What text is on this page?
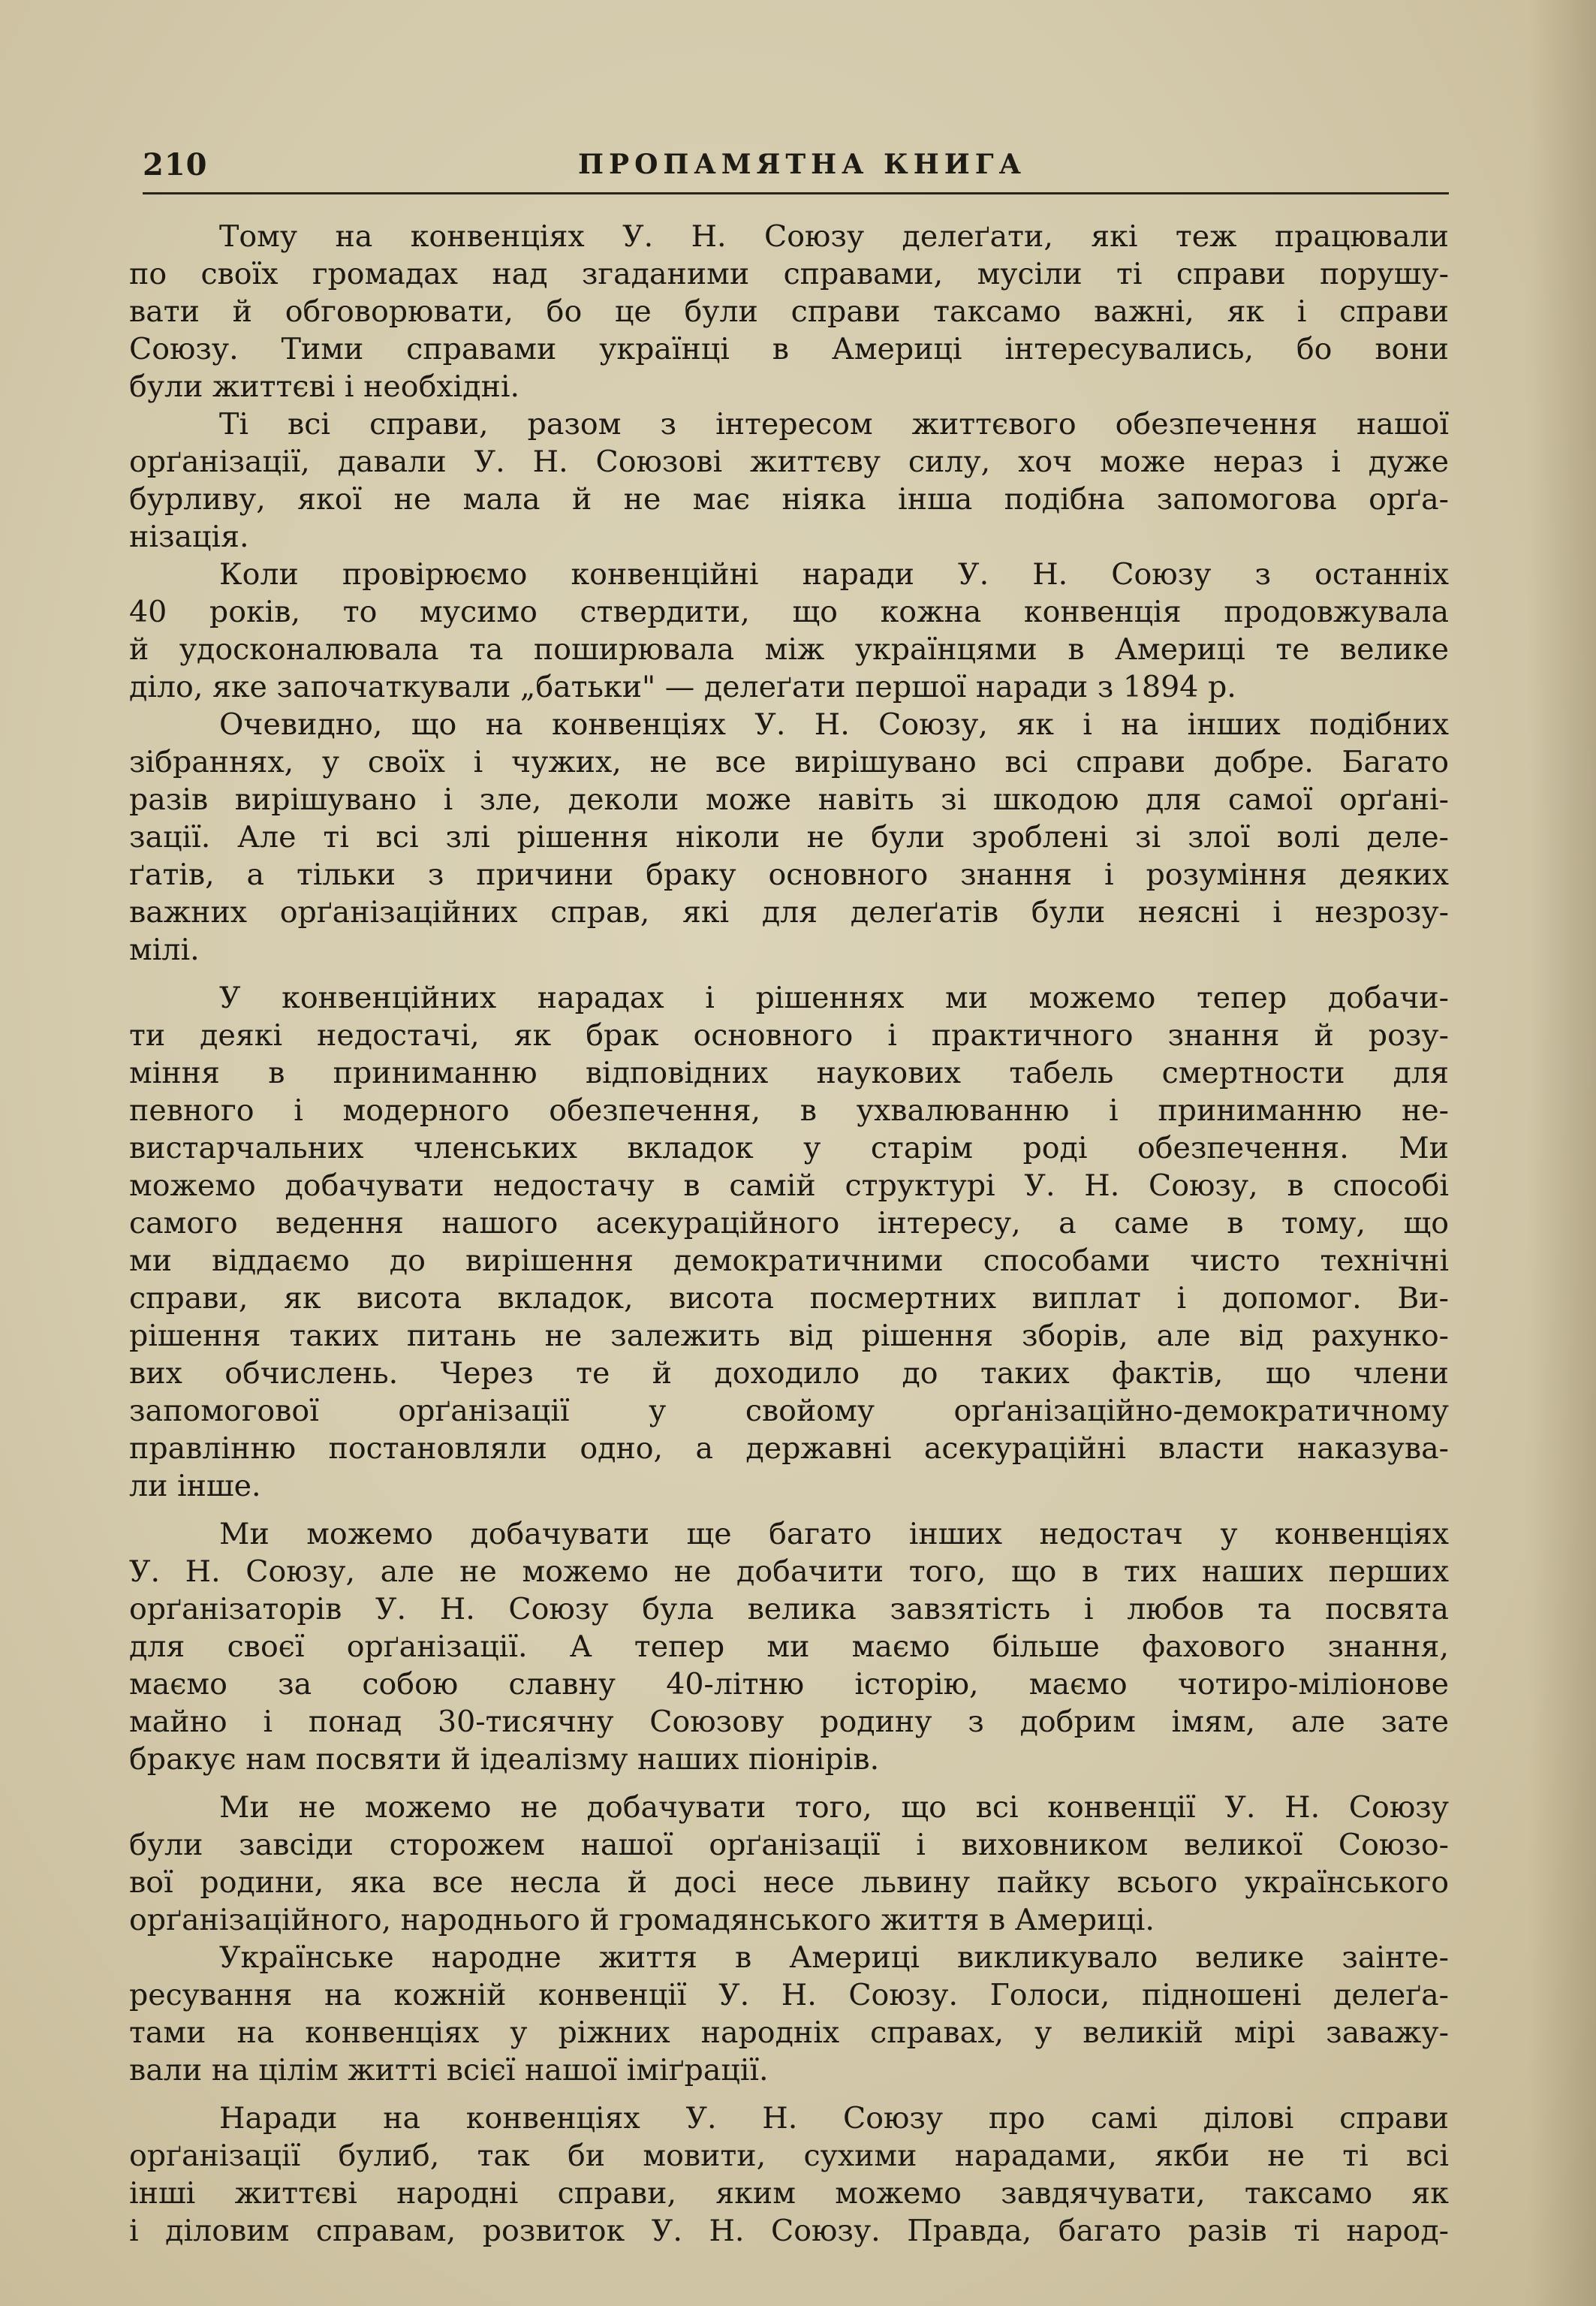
210	ПРОПАМЯТНА КНИГА
Тому на конвенціях У. Н. Союзу делеґати, які теж працювали
по своїх громадах над згаданими справами, мусіли ті справи порушу-
вати й обговорювати, бо це були справи таксамо важні, як і справи
Союзу. Тими справами українці в Америці інтересувались, бо вони
були життєві і необхідні.
Ті всі справи, разом з інтересом життєвого обезпечення нашої
орґанізації, давали У. Н. Союзові життєву силу, хоч може нераз і дуже
бурливу, якої не мала й не має ніяка інша подібна запомогова орґа-
нізація.
Коли провірюємо конвенційні наради У. Н. Союзу з останніх
40 років, то мусимо ствердити, що кожна конвенція продовжувала
й удосконалювала та поширювала між українцями в Америці те велике
діло, яке започаткували „батьки" — делеґати першої наради з 1894 р.
Очевидно, що на конвенціях У. Н. Союзу, як і на інших подібних
зібраннях, у своїх і чужих, не все вирішувано всі справи добре. Багато
разів вирішувано і зле, деколи може навіть зі шкодою для самої орґані-
зації. Але ті всі злі рішення ніколи не були зроблені зі злої волі деле-
ґатів, а тільки з причини браку основного знання і розуміння деяких
важних орґанізаційних справ, які для делеґатів були неясні і незрозу-
мілі.
У конвенційних нарадах і рішеннях ми можемо тепер добачи-
ти деякі недостачі, як брак основного і практичного знання й розу-
міння в приниманню відповідних наукових табель смертности для
певного і модерного обезпечення, в ухвалюванню і приниманню не-
вистарчальних членських вкладок у старім роді обезпечення. Ми
можемо добачувати недостачу в самій структурі У. Н. Союзу, в способі
самого ведення нашого асекураційного інтересу, а саме в тому, що
ми віддаємо до вирішення демократичними способами чисто технічні
справи, як висота вкладок, висота посмертних виплат і допомог. Ви-
рішення таких питань не залежить від рішення зборів, але від рахунко-
вих обчислень. Через те й доходило до таких фактів, що члени
запомогової орґанізації у свойому орґанізаційно-демократичному
правлінню постановляли одно, а державні асекураційні власти наказува-
ли інше.
Ми можемо добачувати ще багато інших недостач у конвенціях
У. Н. Союзу, але не можемо не добачити того, що в тих наших перших
орґанізаторів У. Н. Союзу була велика завзятість і любов та посвята
для своєї орґанізації. А тепер ми маємо більше фахового знання,
маємо за собою славну 40-літню історію, маємо чотиро-міліонове
майно і понад 30-тисячну Союзову родину з добрим імям, але зате
бракує нам посвяти й ідеалізму наших піонірів.
Ми не можемо не добачувати того, що всі конвенції У. Н. Союзу
були завсіди сторожем нашої орґанізації і виховником великої Союзо-
вої родини, яка все несла й досі несе львину пайку всього українського
орґанізаційного, народнього й громадянського життя в Америці.
Українське народне життя в Америці викликувало велике заінте-
ресування на кожній конвенції У. Н. Союзу. Голоси, підношені делеґа-
тами на конвенціях у ріжних народніх справах, у великій мірі заважу-
вали на цілім житті всієї нашої іміґрації.
Наради на конвенціях У. Н. Союзу про самі ділові справи
орґанізації булиб, так би мовити, сухими нарадами, якби не ті всі
інші життєві народні справи, яким можемо завдячувати, таксамо як
і діловим справам, розвиток У. Н. Союзу. Правда, багато разів ті народ-
